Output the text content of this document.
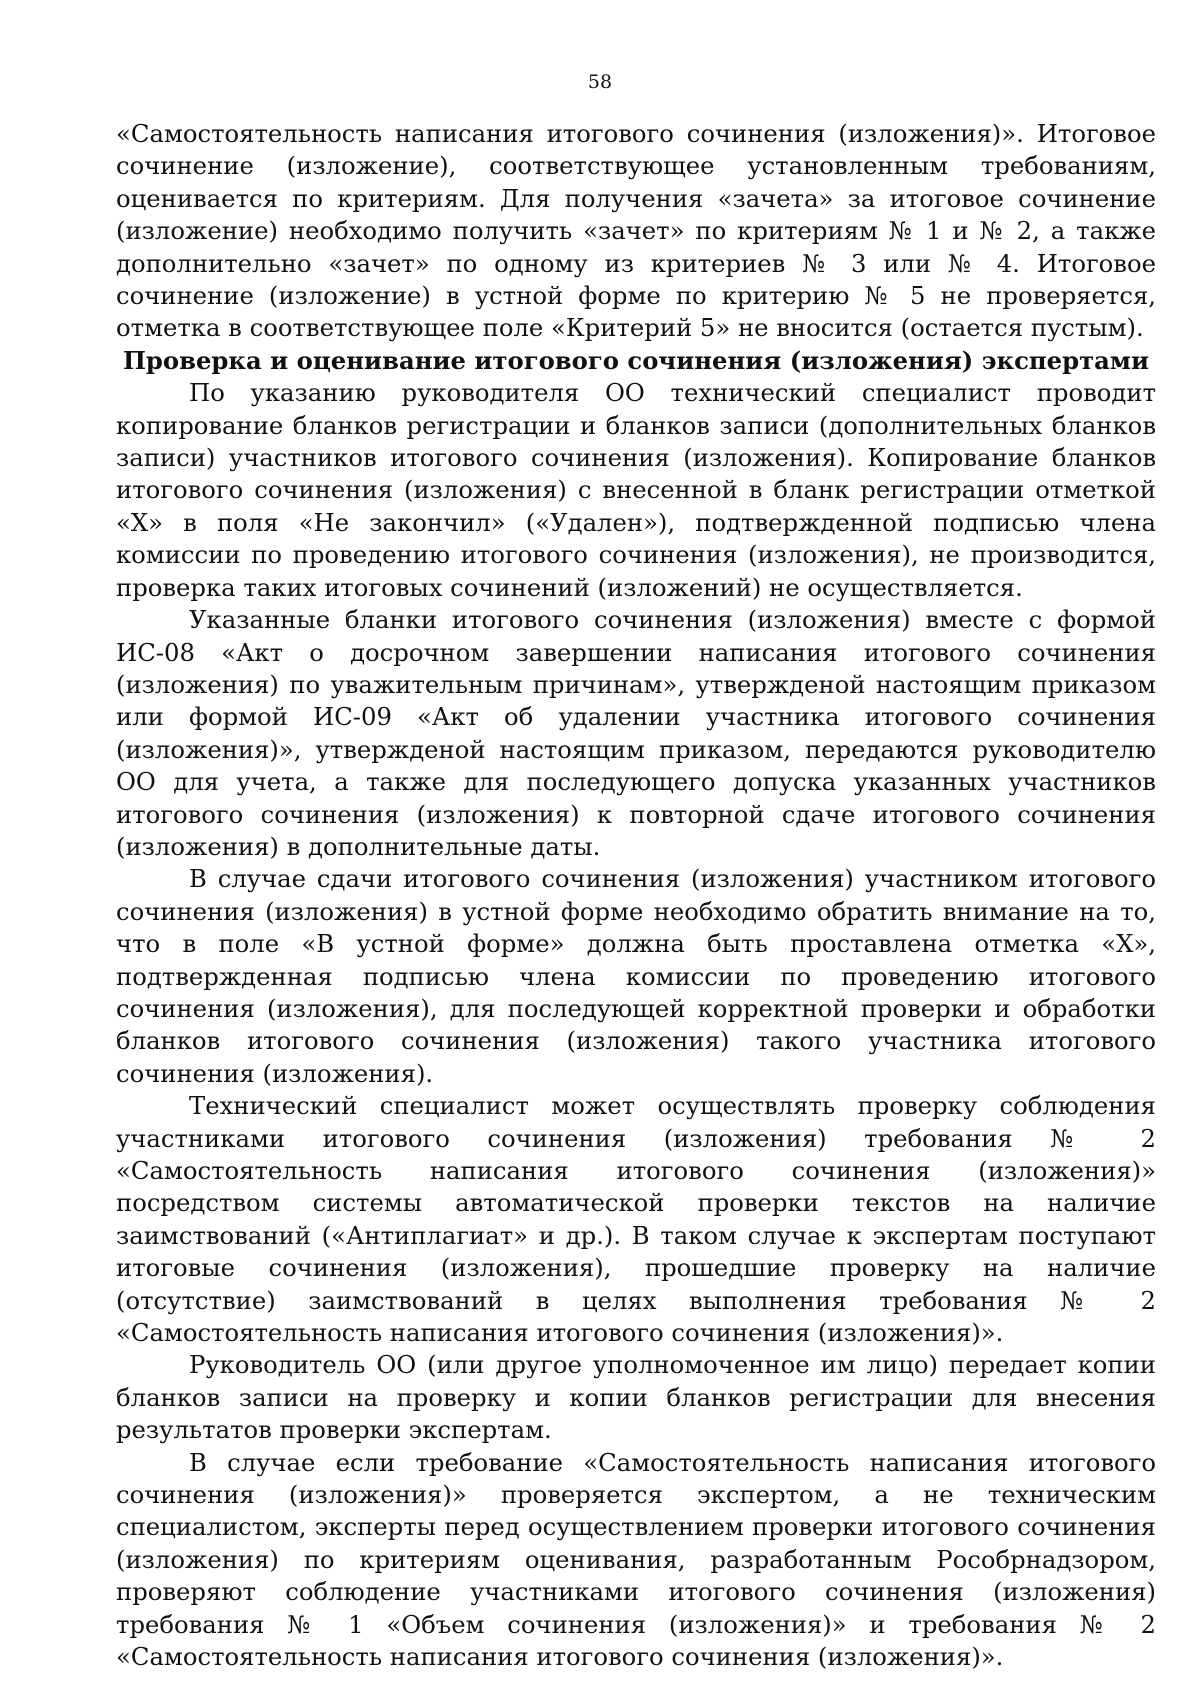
58

«Самостоятельность написания итогового сочинения (изложения)». Итоговое сочинение (изложение), соответствующее установленным требованиям, оценивается по критериям. Для получения «зачета» за итоговое сочинение (изложение) необходимо получить «зачет» по критериям № 1 и № 2, а также дополнительно «зачет» по одному из критериев № 3 или № 4. Итоговое сочинение (изложение) в устной форме по критерию № 5 не проверяется, отметка в соответствующее поле «Критерий 5» не вносится (остается пустым).

Проверка и оценивание итогового сочинения (изложения) экспертами

По указанию руководителя ОО технический специалист проводит копирование бланков регистрации и бланков записи (дополнительных бланков записи) участников итогового сочинения (изложения). Копирование бланков итогового сочинения (изложения) с внесенной в бланк регистрации отметкой «Х» в поля «Не закончил» («Удален»), подтвержденной подписью члена комиссии по проведению итогового сочинения (изложения), не производится, проверка таких итоговых сочинений (изложений) не осуществляется.

Указанные бланки итогового сочинения (изложения) вместе с формой ИС-08 «Акт о досрочном завершении написания итогового сочинения (изложения) по уважительным причинам», утвержденой настоящим приказом или формой ИС-09 «Акт об удалении участника итогового сочинения (изложения)», утвержденой настоящим приказом, передаются руководителю ОО для учета, а также для последующего допуска указанных участников итогового сочинения (изложения) к повторной сдаче итогового сочинения (изложения) в дополнительные даты.

В случае сдачи итогового сочинения (изложения) участником итогового сочинения (изложения) в устной форме необходимо обратить внимание на то, что в поле «В устной форме» должна быть проставлена отметка «Х», подтвержденная подписью члена комиссии по проведению итогового сочинения (изложения), для последующей корректной проверки и обработки бланков итогового сочинения (изложения) такого участника итогового сочинения (изложения).

Технический специалист может осуществлять проверку соблюдения участниками итогового сочинения (изложения) требования № 2 «Самостоятельность написания итогового сочинения (изложения)» посредством системы автоматической проверки текстов на наличие заимствований («Антиплагиат» и др.). В таком случае к экспертам поступают итоговые сочинения (изложения), прошедшие проверку на наличие (отсутствие) заимствований в целях выполнения требования № 2 «Самостоятельность написания итогового сочинения (изложения)».

Руководитель ОО (или другое уполномоченное им лицо) передает копии бланков записи на проверку и копии бланков регистрации для внесения результатов проверки экспертам.

В случае если требование «Самостоятельность написания итогового сочинения (изложения)» проверяется экспертом, а не техническим специалистом, эксперты перед осуществлением проверки итогового сочинения (изложения) по критериям оценивания, разработанным Рособрнадзором, проверяют соблюдение участниками итогового сочинения (изложения) требования № 1 «Объем сочинения (изложения)» и требования № 2 «Самостоятельность написания итогового сочинения (изложения)».
